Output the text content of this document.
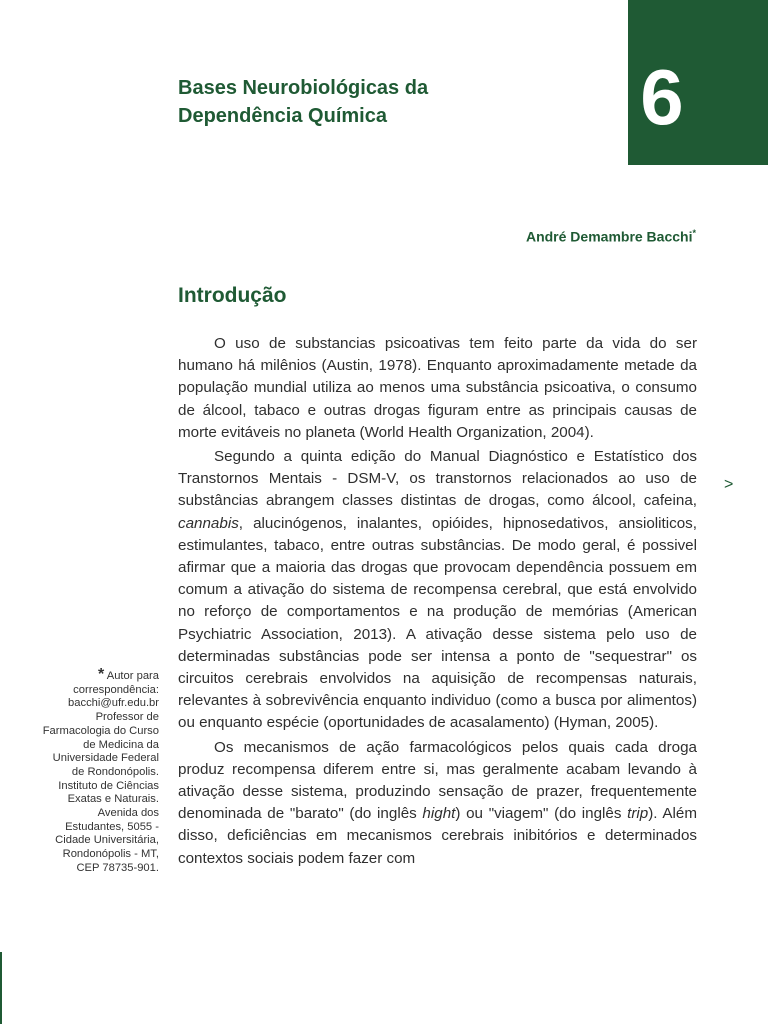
6
Bases Neurobiológicas da
Dependência Química
André Demambre Bacchi*
Introdução

O uso de substancias psicoativas tem feito parte da vida do ser humano há milênios (Austin, 1978). Enquanto aproximadamente metade da população mundial utiliza ao menos uma substância psicoativa, o consumo de álcool, tabaco e outras drogas figuram entre as principais causas de morte evitáveis no planeta (World Health Organization, 2004).

Segundo a quinta edição do Manual Diagnóstico e Estatístico dos Transtornos Mentais - DSM-V, os transtornos relacionados ao uso de substâncias abrangem classes distintas de drogas, como álcool, cafeina, cannabis, alucinógenos, inalantes, opióides, hipnosedativos, ansioliticos, estimulantes, tabaco, entre outras substâncias. De modo geral, é possivel afirmar que a maioria das drogas que provocam dependência possuem em comum a ativação do sistema de recompensa cerebral, que está envolvido no reforço de comportamentos e na produção de memórias (American Psychiatric Association, 2013). A ativação desse sistema pelo uso de determinadas substâncias pode ser intensa a ponto de "sequestrar" os circuitos cerebrais envolvidos na aquisição de recompensas naturais, relevantes à sobrevivência enquanto individuo (como a busca por alimentos) ou enquanto espécie (oportunidades de acasalamento) (Hyman, 2005).

Os mecanismos de ação farmacológicos pelos quais cada droga produz recompensa diferem entre si, mas geralmente acabam levando à ativação desse sistema, produzindo sensação de prazer, frequentemente denominada de "barato" (do inglês hight) ou "viagem" (do inglês trip). Além disso, deficiências em mecanismos cerebrais inibitórios e determinados contextos sociais podem fazer com

>
* Autor para correspondência: bacchi@ufr.edu.br Professor de Farmacologia do Curso de Medicina da Universidade Federal de Rondonópolis. Instituto de Ciências Exatas e Naturais. Avenida dos Estudantes, 5055 - Cidade Universitária, Rondonópolis - MT, CEP 78735-901.
